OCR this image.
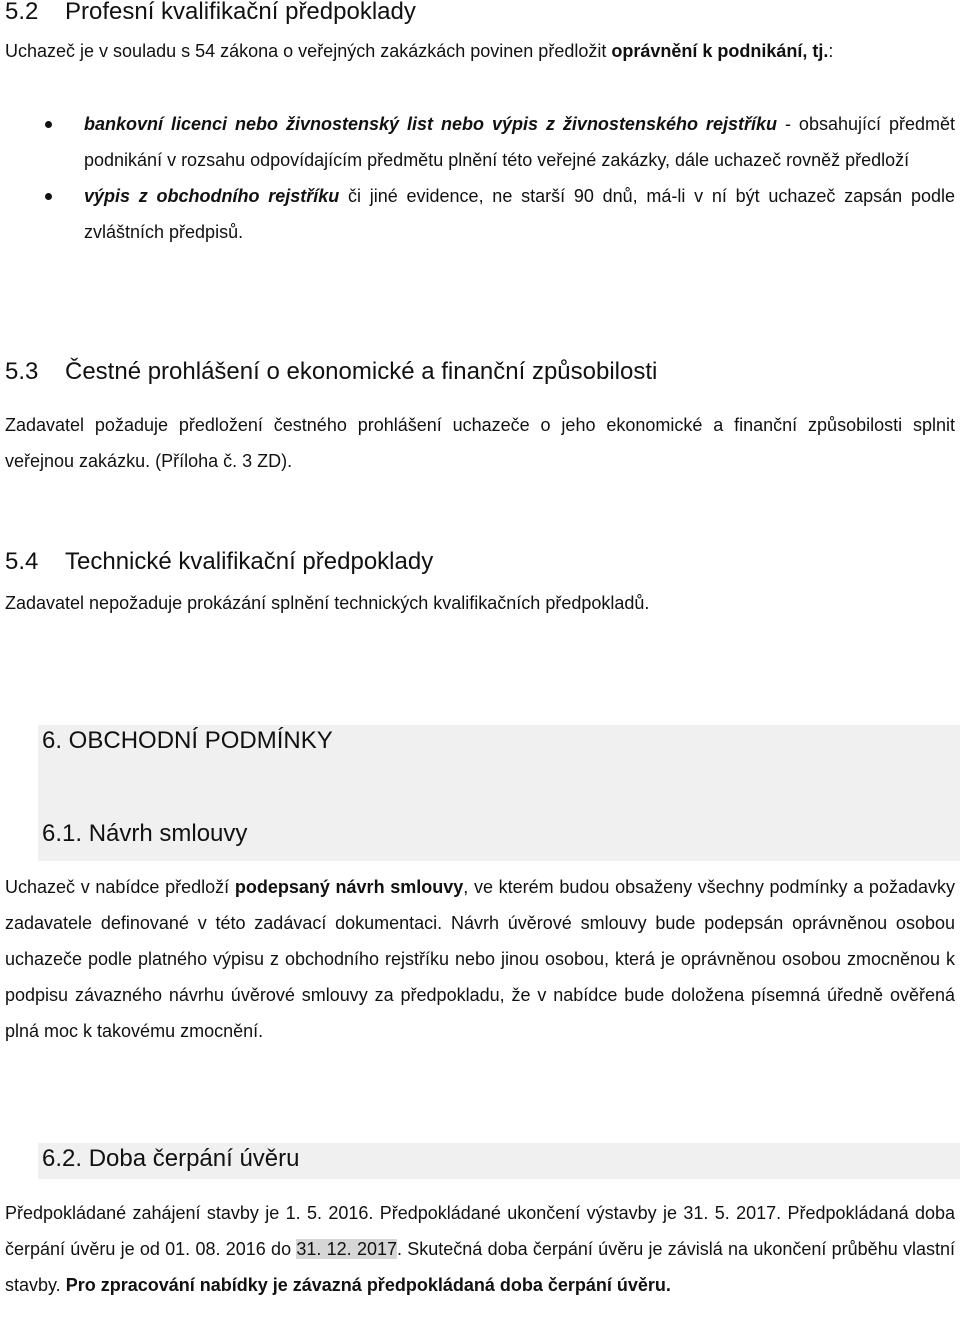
5.2 Profesní kvalifikační předpoklady

Uchazeč je v souladu s 54 zákona o veřejných zakázkách povinen předložit oprávnění k podnikání, tj.:

bankovní licenci nebo živnostenský list nebo výpis z živnostenského rejstříku - obsahující předmět podnikání v rozsahu odpovídajícím předmětu plnění této veřejné zakázky, dále uchazeč rovněž předloží
výpis z obchodního rejstříku či jiné evidence, ne starší 90 dnů, má-li v ní být uchazeč zapsán podle zvláštních předpisů.
5.3 Čestné prohlášení o ekonomické a finanční způsobilosti

Zadavatel požaduje předložení čestného prohlášení uchazeče o jeho ekonomické a finanční způsobilosti splnit veřejnou zakázku. (Příloha č. 3 ZD).

5.4 Technické kvalifikační předpoklady

Zadavatel nepožaduje prokázání splnění technických kvalifikačních předpokladů.

6. OBCHODNÍ PODMÍNKY
6.1. Návrh smlouvy

Uchazeč v nabídce předloží podepsaný návrh smlouvy, ve kterém budou obsaženy všechny podmínky a požadavky zadavatele definované v této zadávací dokumentaci. Návrh úvěrové smlouvy bude podepsán oprávněnou osobou uchazeče podle platného výpisu z obchodního rejstříku nebo jinou osobou, která je oprávněnou osobou zmocněnou k podpisu závazného návrhu úvěrové smlouvy za předpokladu, že v nabídce bude doložena písemná úředně ověřená plná moc k takovému zmocnění.

6.2. Doba čerpání úvěru

Předpokládané zahájení stavby je 1. 5. 2016. Předpokládané ukončení výstavby je 31. 5. 2017. Předpokládaná doba čerpání úvěru je od 01. 08. 2016 do 31. 12. 2017. Skutečná doba čerpání úvěru je závislá na ukončení průběhu vlastní stavby. Pro zpracování nabídky je závazná předpokládaná doba čerpání úvěru.
